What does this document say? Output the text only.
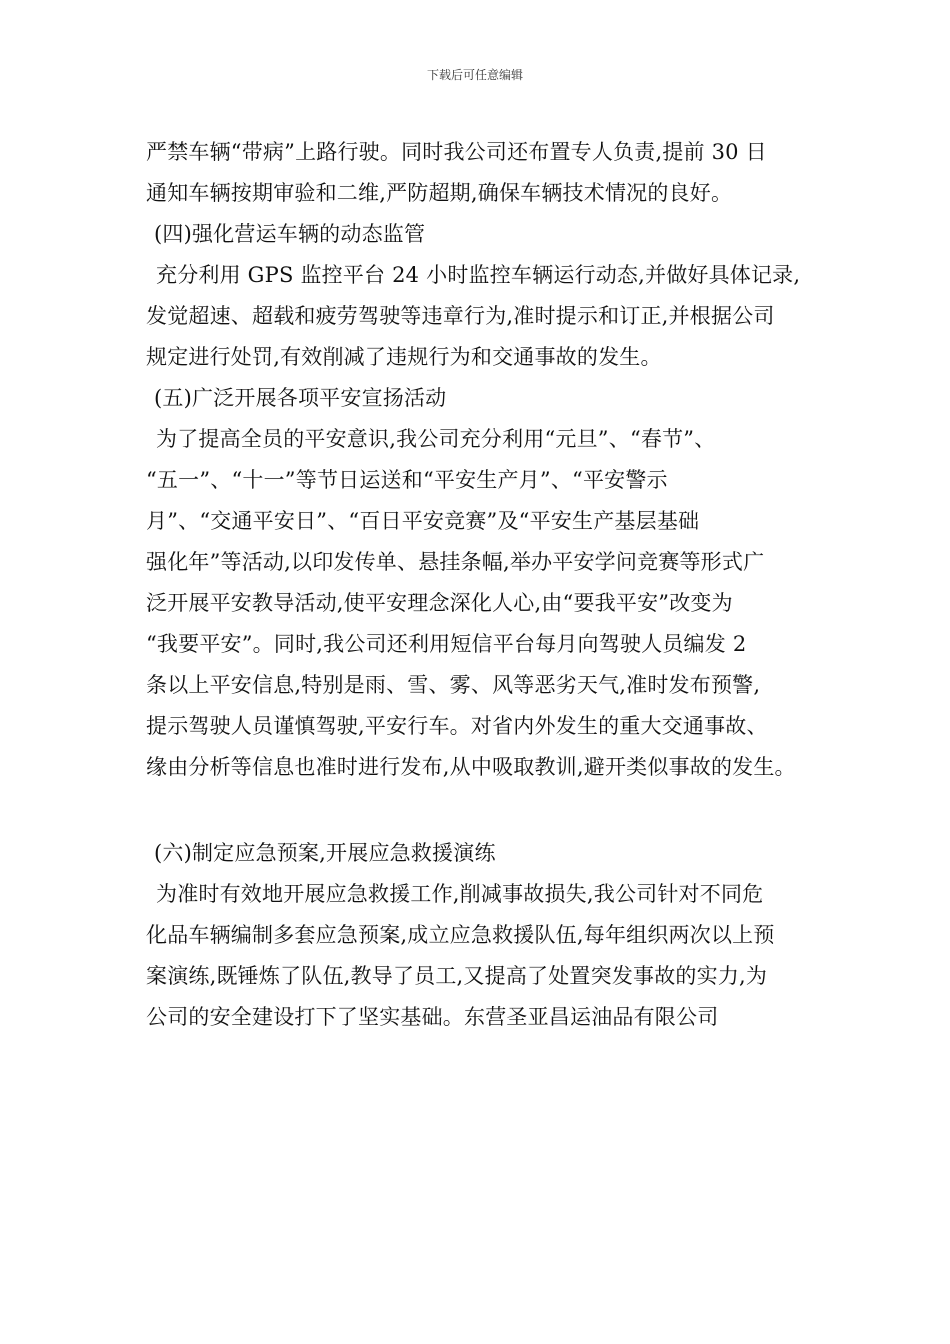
下载后可任意编辑
严禁车辆“带病”上路行驶。同时我公司还布置专人负责,提前 30 日
通知车辆按期审验和二维,严防超期,确保车辆技术情况的良好。
(四)强化营运车辆的动态监管
充分利用 GPS 监控平台 24 小时监控车辆运行动态,并做好具体记录,
发觉超速、超载和疲劳驾驶等违章行为,准时提示和订正,并根据公司
规定进行处罚,有效削减了违规行为和交通事故的发生。
(五)广泛开展各项平安宣扬活动
为了提高全员的平安意识,我公司充分利用“元旦”、“春节”、
“五一”、“十一”等节日运送和“平安生产月”、“平安警示
月”、“交通平安日”、“百日平安竞赛”及“平安生产基层基础
强化年”等活动,以印发传单、悬挂条幅,举办平安学问竞赛等形式广
泛开展平安教导活动,使平安理念深化人心,由“要我平安”改变为
“我要平安”。同时,我公司还利用短信平台每月向驾驶人员编发 2
条以上平安信息,特别是雨、雪、雾、风等恶劣天气,准时发布预警,
提示驾驶人员谨慎驾驶,平安行车。对省内外发生的重大交通事故、
缘由分析等信息也准时进行发布,从中吸取教训,避开类似事故的发生。
(六)制定应急预案,开展应急救援演练
为准时有效地开展应急救援工作,削减事故损失,我公司针对不同危
化品车辆编制多套应急预案,成立应急救援队伍,每年组织两次以上预
案演练,既锤炼了队伍,教导了员工,又提高了处置突发事故的实力,为
公司的安全建设打下了坚实基础。东营圣亚昌运油品有限公司
